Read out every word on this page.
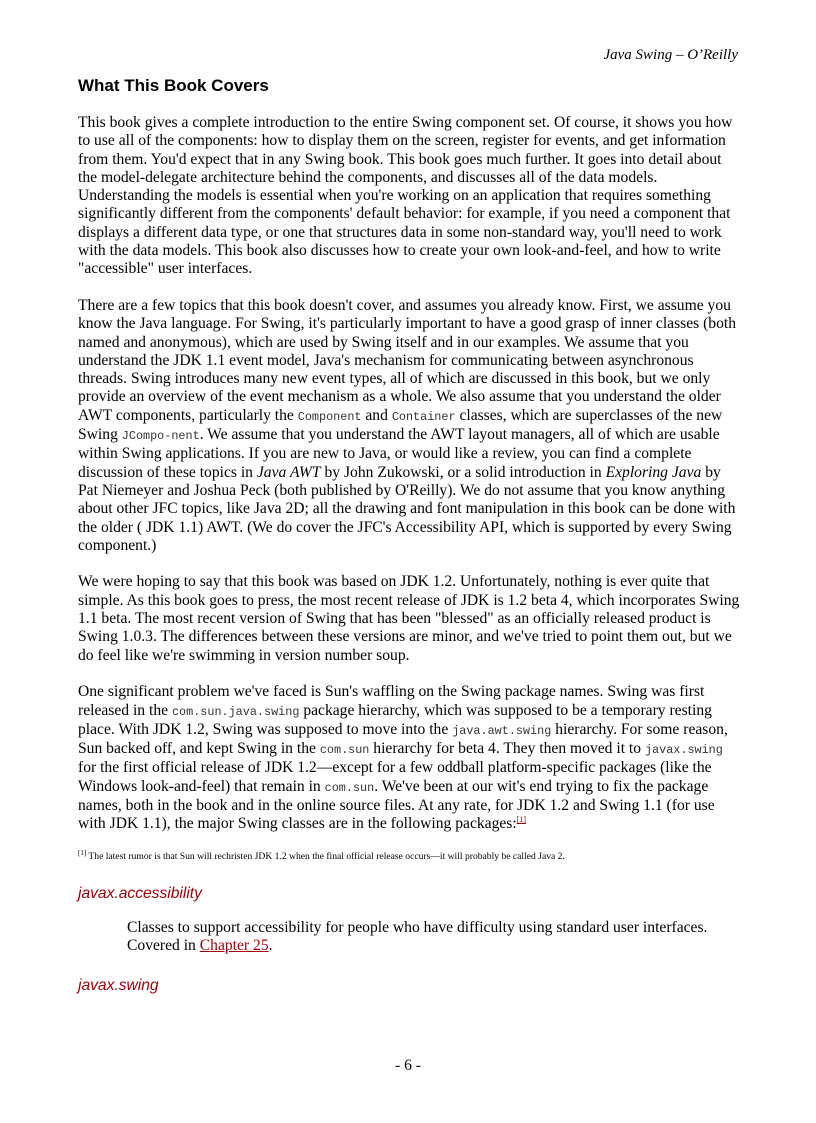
Java Swing – O’Reilly
What This Book Covers

This book gives a complete introduction to the entire Swing component set. Of course, it shows you how to use all of the components: how to display them on the screen, register for events, and get information from them. You'd expect that in any Swing book. This book goes much further. It goes into detail about the model-delegate architecture behind the components, and discusses all of the data models. Understanding the models is essential when you're working on an application that requires something significantly different from the components' default behavior: for example, if you need a component that displays a different data type, or one that structures data in some non-standard way, you'll need to work with the data models. This book also discusses how to create your own look-and-feel, and how to write "accessible" user interfaces.

There are a few topics that this book doesn't cover, and assumes you already know. First, we assume you know the Java language. For Swing, it's particularly important to have a good grasp of inner classes (both named and anonymous), which are used by Swing itself and in our examples. We assume that you understand the JDK 1.1 event model, Java's mechanism for communicating between asynchronous threads. Swing introduces many new event types, all of which are discussed in this book, but we only provide an overview of the event mechanism as a whole. We also assume that you understand the older AWT components, particularly the Component and Container classes, which are superclasses of the new Swing JCompo-nent. We assume that you understand the AWT layout managers, all of which are usable within Swing applications. If you are new to Java, or would like a review, you can find a complete discussion of these topics in Java AWT by John Zukowski, or a solid introduction in Exploring Java by Pat Niemeyer and Joshua Peck (both published by O'Reilly). We do not assume that you know anything about other JFC topics, like Java 2D; all the drawing and font manipulation in this book can be done with the older ( JDK 1.1) AWT. (We do cover the JFC's Accessibility API, which is supported by every Swing component.)

We were hoping to say that this book was based on JDK 1.2. Unfortunately, nothing is ever quite that simple. As this book goes to press, the most recent release of JDK is 1.2 beta 4, which incorporates Swing 1.1 beta. The most recent version of Swing that has been "blessed" as an officially released product is Swing 1.0.3. The differences between these versions are minor, and we've tried to point them out, but we do feel like we're swimming in version number soup.

One significant problem we've faced is Sun's waffling on the Swing package names. Swing was first released in the com.sun.java.swing package hierarchy, which was supposed to be a temporary resting place. With JDK 1.2, Swing was supposed to move into the java.awt.swing hierarchy. For some reason, Sun backed off, and kept Swing in the com.sun hierarchy for beta 4. They then moved it to javax.swing for the first official release of JDK 1.2—except for a few oddball platform-specific packages (like the Windows look-and-feel) that remain in com.sun. We've been at our wit's end trying to fix the package names, both in the book and in the online source files. At any rate, for JDK 1.2 and Swing 1.1 (for use with JDK 1.1), the major Swing classes are in the following packages:[1]

[1] The latest rumor is that Sun will rechristen JDK 1.2 when the final official release occurs—it will probably be called Java 2.
javax.accessibility
Classes to support accessibility for people who have difficulty using standard user interfaces. Covered in Chapter 25.
javax.swing
- 6 -
